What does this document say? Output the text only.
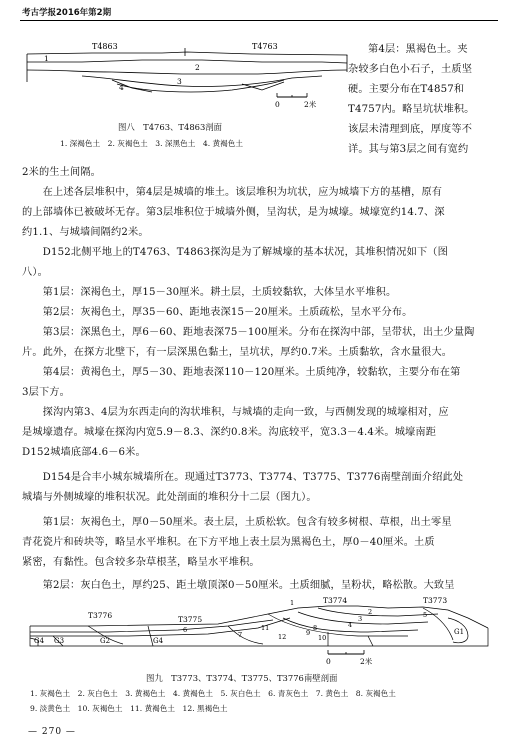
考古学报2016年第2期
T4863	T4763
1
2
3
4
0	2米
图八　T4763、T4863剖面
1. 深褐色土　2. 灰褐色土　3. 深黑色土　4. 黄褐色土
第4层：黑褐色土。夹
杂较多白色小石子，土质坚
硬。主要分布在T4857和
T4757内。略呈坑状堆积。
该层未清理到底，厚度等不
详。其与第3层之间有宽约
2米的生土间隔。
　　在上述各层堆积中，第4层是城墙的堆土。该层堆积为坑状，应为城墙下方的基槽，原有
的上部墙体已被破坏无存。第3层堆积位于城墙外侧，呈沟状，是为城壕。城壕宽约14.7、深
约1.1、与城墙间隔约2米。
　　D152北侧平地上的T4763、T4863探沟是为了解城壕的基本状况，其堆积情况如下（图
八）。
　　第1层：深褐色土，厚15－30厘米。耕土层，土质较黏软，大体呈水平堆积。
　　第2层：灰褐色土，厚35－60、距地表深15－20厘米。土质疏松，呈水平分布。
　　第3层：深黑色土，厚6－60、距地表深75－100厘米。分布在探沟中部，呈带状，出土少量陶
片。此外，在探方北壁下，有一层深黑色黏土，呈坑状，厚约0.7米。土质黏软，含水量很大。
　　第4层：黄褐色土，厚5－30、距地表深110－120厘米。土质纯净，较黏软，主要分布在第
3层下方。
　　探沟内第3、4层为东西走向的沟状堆积，与城墙的走向一致，与西侧发现的城壕相对，应
是城壕遗存。城壕在探沟内宽5.9－8.3、深约0.8米。沟底较平，宽3.3－4.4米。城壕南距
D152城墙底部4.6－6米。
　　D154是合丰小城东城墙所在。现通过T3773、T3774、T3775、T3776南壁剖面介绍此处
城墙与外侧城壕的堆积状况。此处剖面的堆积分十二层（图九）。
　　第1层：灰褐色土，厚0－50厘米。表土层，土质松软。包含有较多树根、草根，出土零星
青花瓷片和砖块等，略呈水平堆积。在下方平地上表土层为黑褐色土，厚0－40厘米。土质
紧密，有黏性。包含较多杂草根茎，略呈水平堆积。
　　第2层：灰白色土，厚约25、距土墩顶深0－50厘米。土质细腻，呈粉状，略松散。大致呈
T3776	T3775
T3774	T3773
G4 G3	G2	G4
G1
1
2
3
4
5
6
7
8
9
10
11
12
0	2米
图九　T3773、T3774、T3775、T3776南壁剖面
1. 灰褐色土　2. 灰白色土　3. 黄褐色土　4. 黄褐色土　5. 灰白色土　6. 青灰色土　7. 黄色土　8. 灰褐色土
9. 淡黄色土　10. 灰褐色土　11. 黄褐色土　12. 黑褐色土
— 270 —
